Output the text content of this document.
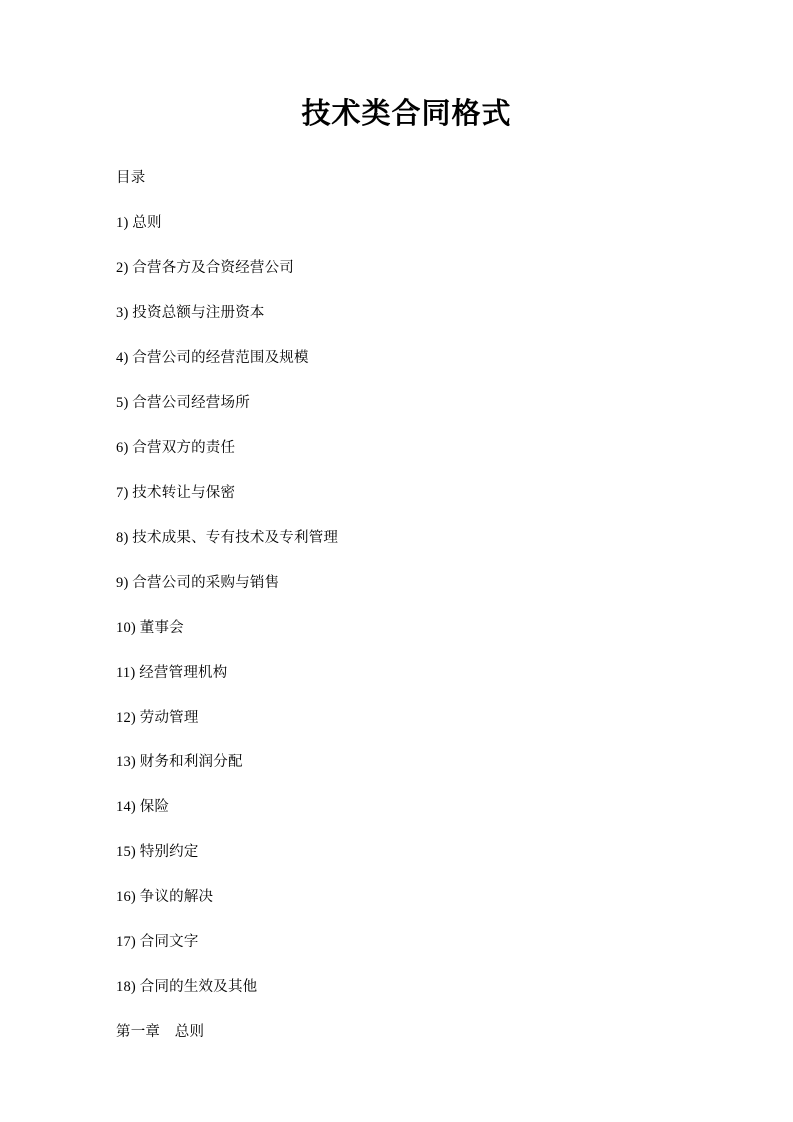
技术类合同格式

目录

1) 总则

2) 合营各方及合资经营公司

3) 投资总额与注册资本

4) 合营公司的经营范围及规模

5) 合营公司经营场所

6) 合营双方的责任

7) 技术转让与保密

8) 技术成果、专有技术及专利管理

9) 合营公司的采购与销售

10) 董事会

11) 经营管理机构

12) 劳动管理

13) 财务和利润分配

14) 保险

15) 特别约定

16) 争议的解决

17) 合同文字

18) 合同的生效及其他

第一章　总则
